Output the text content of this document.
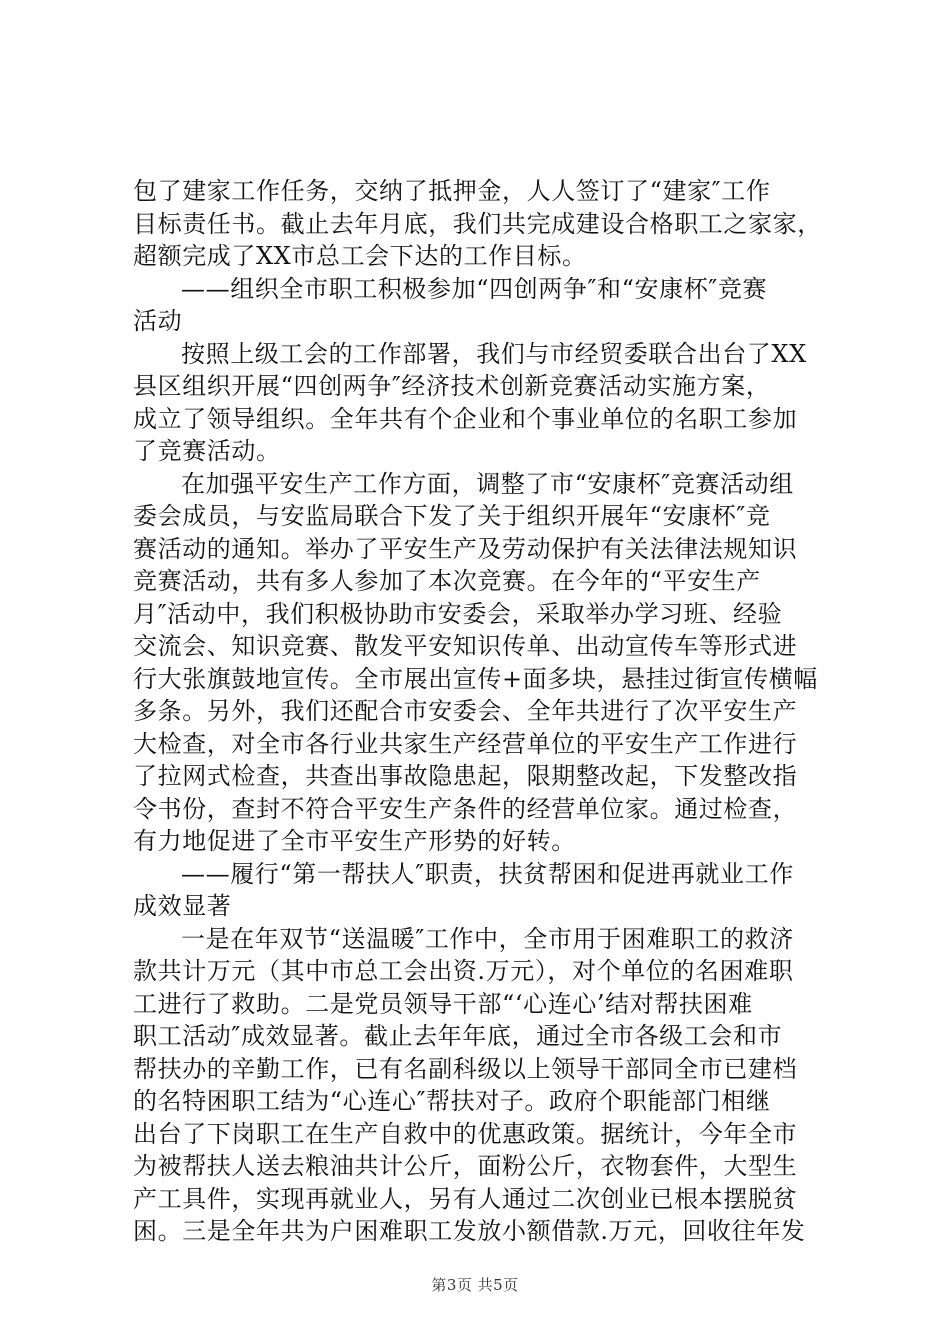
包了建家工作任务，交纳了抵押金，人人签订了“建家″工作
目标责任书。截止去年月底，我们共完成建设合格职工之家家，
超额完成了XX市总工会下达的工作目标。
——组织全市职工积极参加“四创两争″和“安康杯″竞赛
活动
按照上级工会的工作部署，我们与市经贸委联合出台了XX
县区组织开展“四创两争″经济技术创新竞赛活动实施方案，
成立了领导组织。全年共有个企业和个事业单位的名职工参加
了竞赛活动。
在加强平安生产工作方面，调整了市“安康杯″竞赛活动组
委会成员，与安监局联合下发了关于组织开展年“安康杯″竞
赛活动的通知。举办了平安生产及劳动保护有关法律法规知识
竞赛活动，共有多人参加了本次竞赛。在今年的“平安生产
月″活动中，我们积极协助市安委会，采取举办学习班、经验
交流会、知识竞赛、散发平安知识传单、出动宣传车等形式进
行大张旗鼓地宣传。全市展出宣传+面多块，悬挂过街宣传横幅
多条。另外，我们还配合市安委会、全年共进行了次平安生产
大检查，对全市各行业共家生产经营单位的平安生产工作进行
了拉网式检查，共查出事故隐患起，限期整改起，下发整改指
令书份，查封不符合平安生产条件的经营单位家。通过检查，
有力地促进了全市平安生产形势的好转。
——履行“第一帮扶人″职责，扶贫帮困和促进再就业工作
成效显著
一是在年双节“送温暖″工作中，全市用于困难职工的救济
款共计万元（其中市总工会出资.万元），对个单位的名困难职
工进行了救助。二是党员领导干部“‘心连心’结对帮扶困难
职工活动″成效显著。截止去年年底，通过全市各级工会和市
帮扶办的辛勤工作，已有名副科级以上领导干部同全市已建档
的名特困职工结为“心连心″帮扶对子。政府个职能部门相继
出台了下岗职工在生产自救中的优惠政策。据统计，今年全市
为被帮扶人送去粮油共计公斤，面粉公斤，衣物套件，大型生
产工具件，实现再就业人，另有人通过二次创业已根本摆脱贫
困。三是全年共为户困难职工发放小额借款.万元，回收往年发
第3页 共5页
